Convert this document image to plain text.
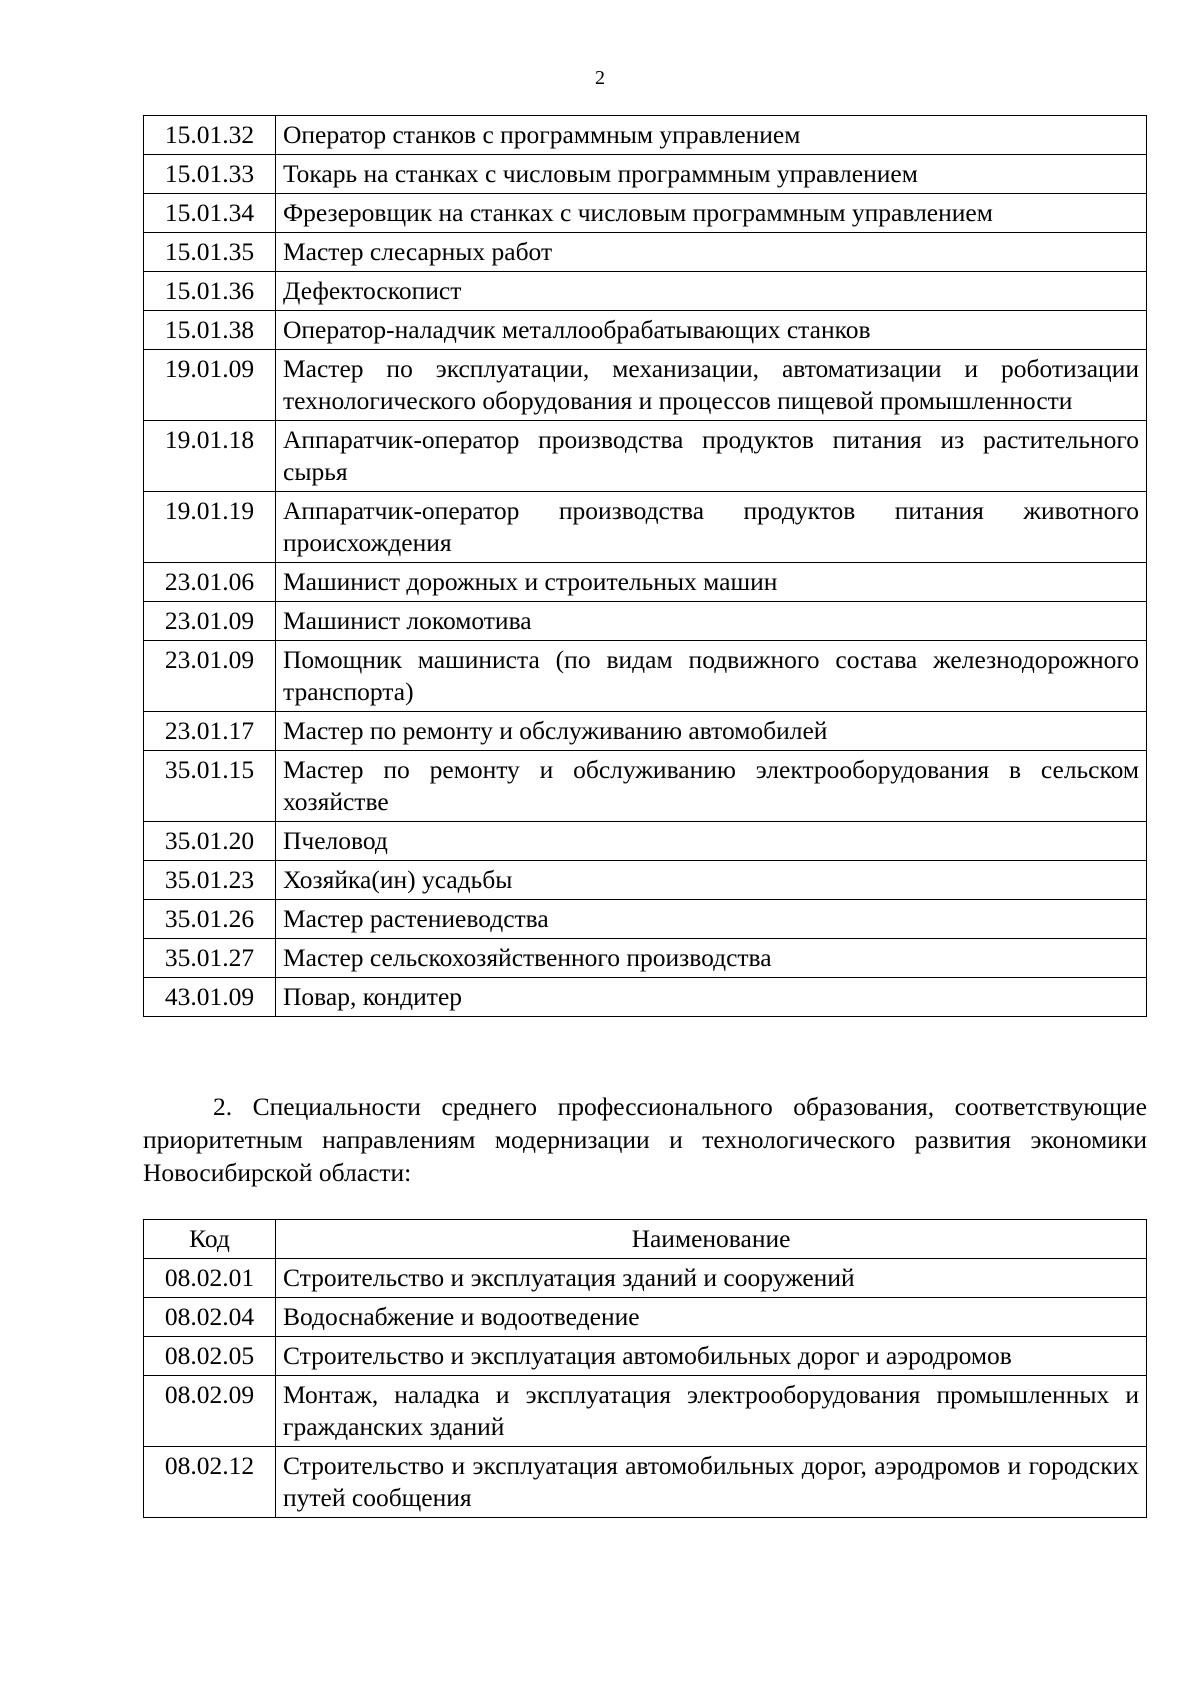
2
15.01.32	Оператор станков с программным управлением
15.01.33	Токарь на станках с числовым программным управлением
15.01.34	Фрезеровщик на станках с числовым программным управлением
15.01.35	Мастер слесарных работ
15.01.36	Дефектоскопист
15.01.38	Оператор-наладчик металлообрабатывающих станков
19.01.09	Мастер по эксплуатации, механизации, автоматизации и роботизации технологического оборудования и процессов пищевой промышленности
19.01.18	Аппаратчик-оператор производства продуктов питания из растительного сырья
19.01.19	Аппаратчик-оператор производства продуктов питания животного происхождения
23.01.06	Машинист дорожных и строительных машин
23.01.09	Машинист локомотива
23.01.09	Помощник машиниста (по видам подвижного состава железнодорожного транспорта)
23.01.17	Мастер по ремонту и обслуживанию автомобилей
35.01.15	Мастер по ремонту и обслуживанию электрооборудования в сельском хозяйстве
35.01.20	Пчеловод
35.01.23	Хозяйка(ин) усадьбы
35.01.26	Мастер растениеводства
35.01.27	Мастер сельскохозяйственного производства
43.01.09	Повар, кондитер

2. Специальности среднего профессионального образования, соответствующие приоритетным направлениям модернизации и технологического развития экономики Новосибирской области:

Код	Наименование
08.02.01	Строительство и эксплуатация зданий и сооружений
08.02.04	Водоснабжение и водоотведение
08.02.05	Строительство и эксплуатация автомобильных дорог и аэродромов
08.02.09	Монтаж, наладка и эксплуатация электрооборудования промышленных и гражданских зданий
08.02.12	Строительство и эксплуатация автомобильных дорог, аэродромов и городских путей сообщения
